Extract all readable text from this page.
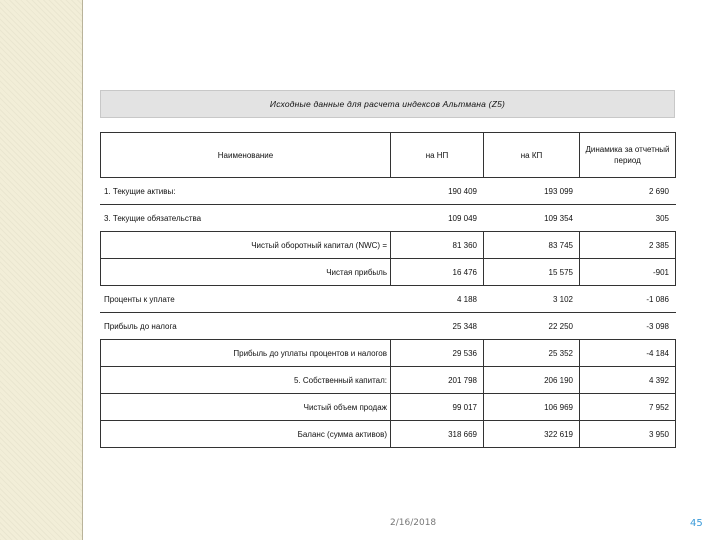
Исходные данные для расчета индексов Альтмана (Z5)
Наименование	на НП	на КП	Динамика за отчетный период
1. Текущие активы:	190 409	193 099	2 690
3. Текущие обязательства	109 049	109 354	305
Чистый оборотный капитал (NWC) =	81 360	83 745	2 385
Чистая прибыль	16 476	15 575	-901
Проценты к уплате	4 188	3 102	-1 086
Прибыль до налога	25 348	22 250	-3 098
Прибыль до уплаты процентов и налогов	29 536	25 352	-4 184
5. Собственный капитал:	201 798	206 190	4 392
Чистый объем продаж	99 017	106 969	7 952
Баланс (сумма активов)	318 669	322 619	3 950
2/16/2018	45
